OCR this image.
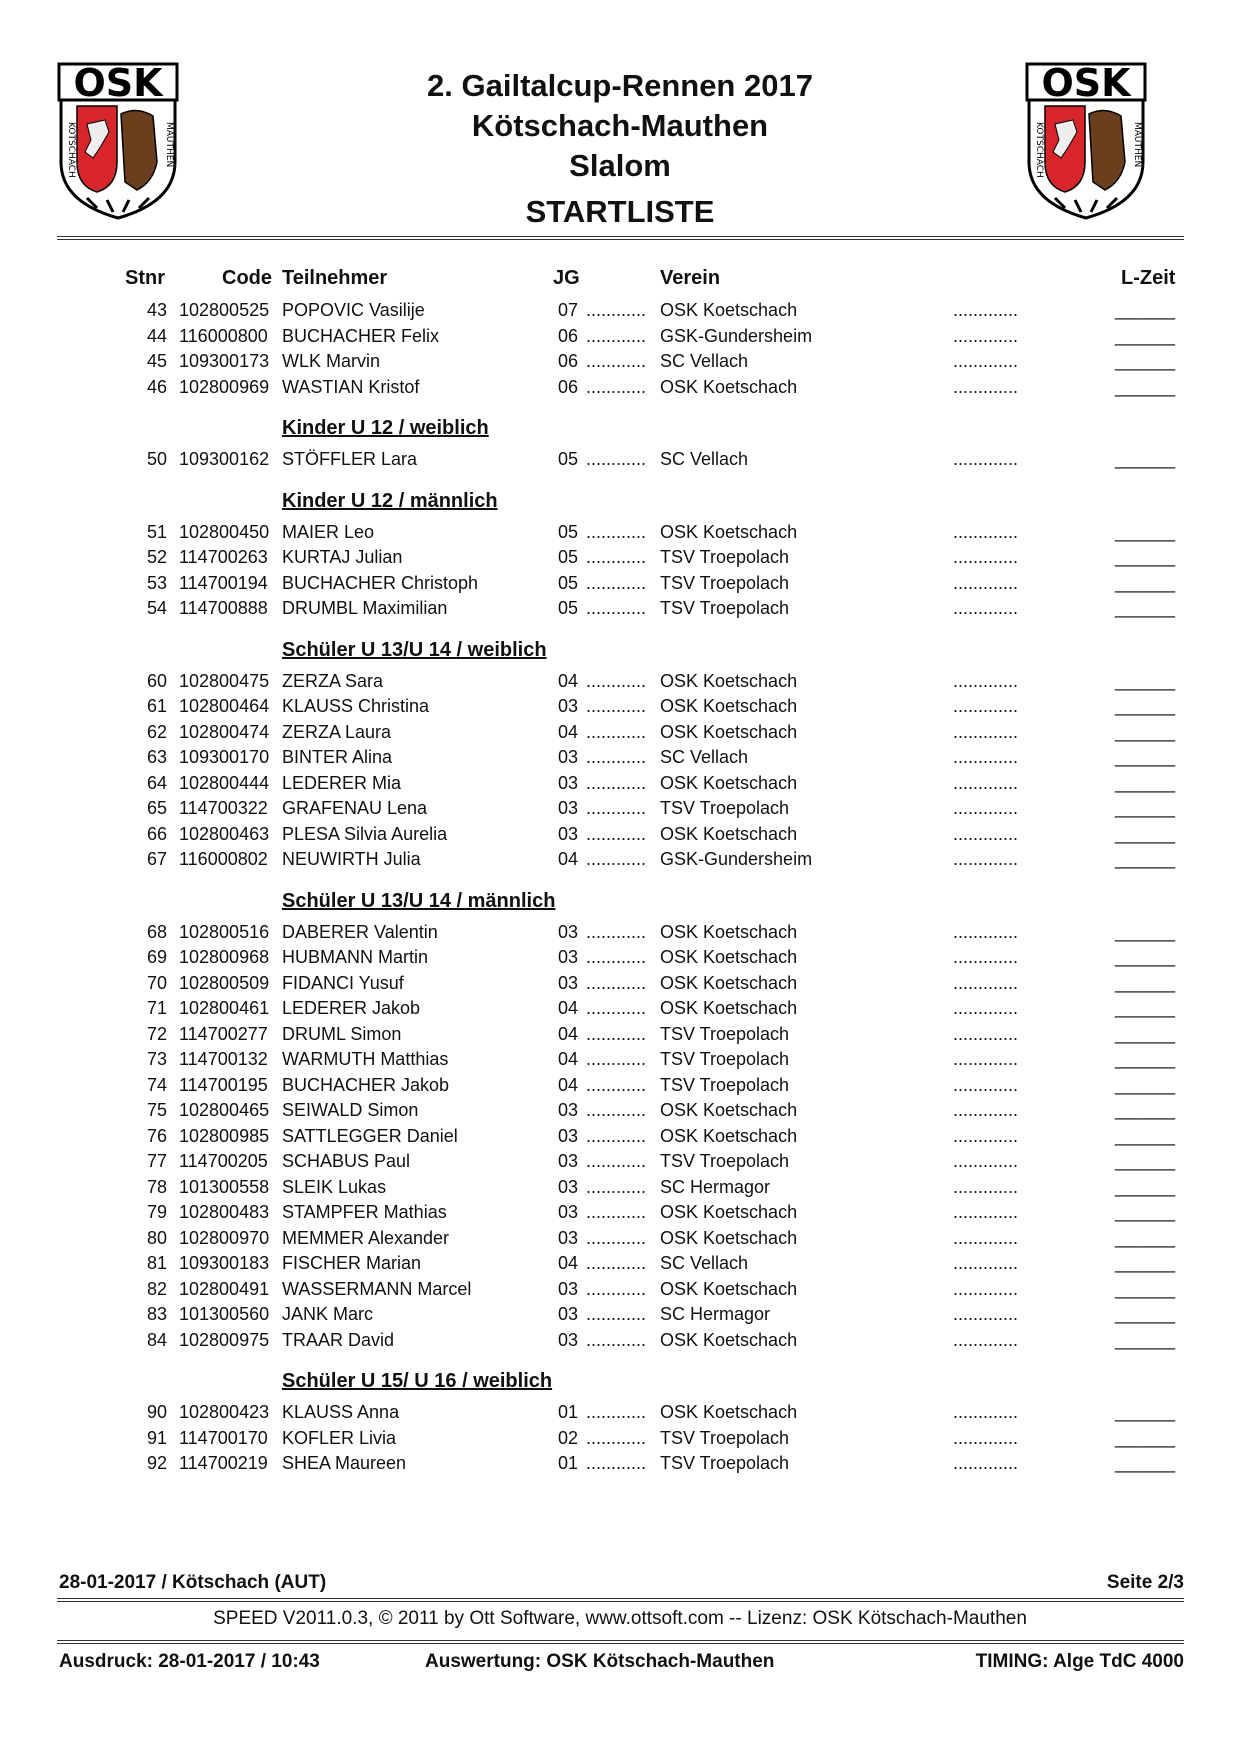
OSK
KÖTSCHACH	MAUTHEN
OSK
KÖTSCHACH	MAUTHEN
2. Gailtalcup-Rennen 2017
Kötschach-Mauthen
Slalom
STARTLISTE
Stnr	Code Teilnehmer	JG	Verein	L-Zeit
43 102800525 POPOVIC Vasilije	07 ............ OSK Koetschach	.............	______
44 116000800 BUCHACHER Felix	06 ............ GSK-Gundersheim	.............	______
45 109300173 WLK Marvin	06 ............ SC Vellach	.............	______
46 102800969 WASTIAN Kristof	06 ............ OSK Koetschach	.............	______
Kinder U 12 / weiblich
50 109300162 STÖFFLER Lara	05 ............ SC Vellach	.............	______
Kinder U 12 / männlich
51 102800450 MAIER Leo	05 ............ OSK Koetschach	.............	______
52 114700263 KURTAJ Julian	05 ............ TSV Troepolach	.............	______
53 114700194 BUCHACHER Christoph	05 ............ TSV Troepolach	.............	______
54 114700888 DRUMBL Maximilian	05 ............ TSV Troepolach	.............	______
Schüler U 13/U 14 / weiblich
60 102800475 ZERZA Sara	04 ............ OSK Koetschach	.............	______
61 102800464 KLAUSS Christina	03 ............ OSK Koetschach	.............	______
62 102800474 ZERZA Laura	04 ............ OSK Koetschach	.............	______
63 109300170 BINTER Alina	03 ............ SC Vellach	.............	______
64 102800444 LEDERER Mia	03 ............ OSK Koetschach	.............	______
65 114700322 GRAFENAU Lena	03 ............ TSV Troepolach	.............	______
66 102800463 PLESA Silvia Aurelia	03 ............ OSK Koetschach	.............	______
67 116000802 NEUWIRTH Julia	04 ............ GSK-Gundersheim	.............	______
Schüler U 13/U 14 / männlich
68 102800516 DABERER Valentin	03 ............ OSK Koetschach	.............	______
69 102800968 HUBMANN Martin	03 ............ OSK Koetschach	.............	______
70 102800509 FIDANCI Yusuf	03 ............ OSK Koetschach	.............	______
71 102800461 LEDERER Jakob	04 ............ OSK Koetschach	.............	______
72 114700277 DRUML Simon	04 ............ TSV Troepolach	.............	______
73 114700132 WARMUTH Matthias	04 ............ TSV Troepolach	.............	______
74 114700195 BUCHACHER Jakob	04 ............ TSV Troepolach	.............	______
75 102800465 SEIWALD Simon	03 ............ OSK Koetschach	.............	______
76 102800985 SATTLEGGER Daniel	03 ............ OSK Koetschach	.............	______
77 114700205 SCHABUS Paul	03 ............ TSV Troepolach	.............	______
78 101300558 SLEIK Lukas	03 ............ SC Hermagor	.............	______
79 102800483 STAMPFER Mathias	03 ............ OSK Koetschach	.............	______
80 102800970 MEMMER Alexander	03 ............ OSK Koetschach	.............	______
81 109300183 FISCHER Marian	04 ............ SC Vellach	.............	______
82 102800491 WASSERMANN Marcel	03 ............ OSK Koetschach	.............	______
83 101300560 JANK Marc	03 ............ SC Hermagor	.............	______
84 102800975 TRAAR David	03 ............ OSK Koetschach	.............	______
Schüler U 15/ U 16 / weiblich
90 102800423 KLAUSS Anna	01 ............ OSK Koetschach	.............	______
91 114700170 KOFLER Livia	02 ............ TSV Troepolach	.............	______
92 114700219 SHEA Maureen	01 ............ TSV Troepolach	.............	______
28-01-2017 / Kötschach (AUT)	Seite 2/3
SPEED V2011.0.3, © 2011 by Ott Software, www.ottsoft.com -- Lizenz: OSK Kötschach-Mauthen
Ausdruck: 28-01-2017 / 10:43	Auswertung: OSK Kötschach-Mauthen	TIMING: Alge TdC 4000
